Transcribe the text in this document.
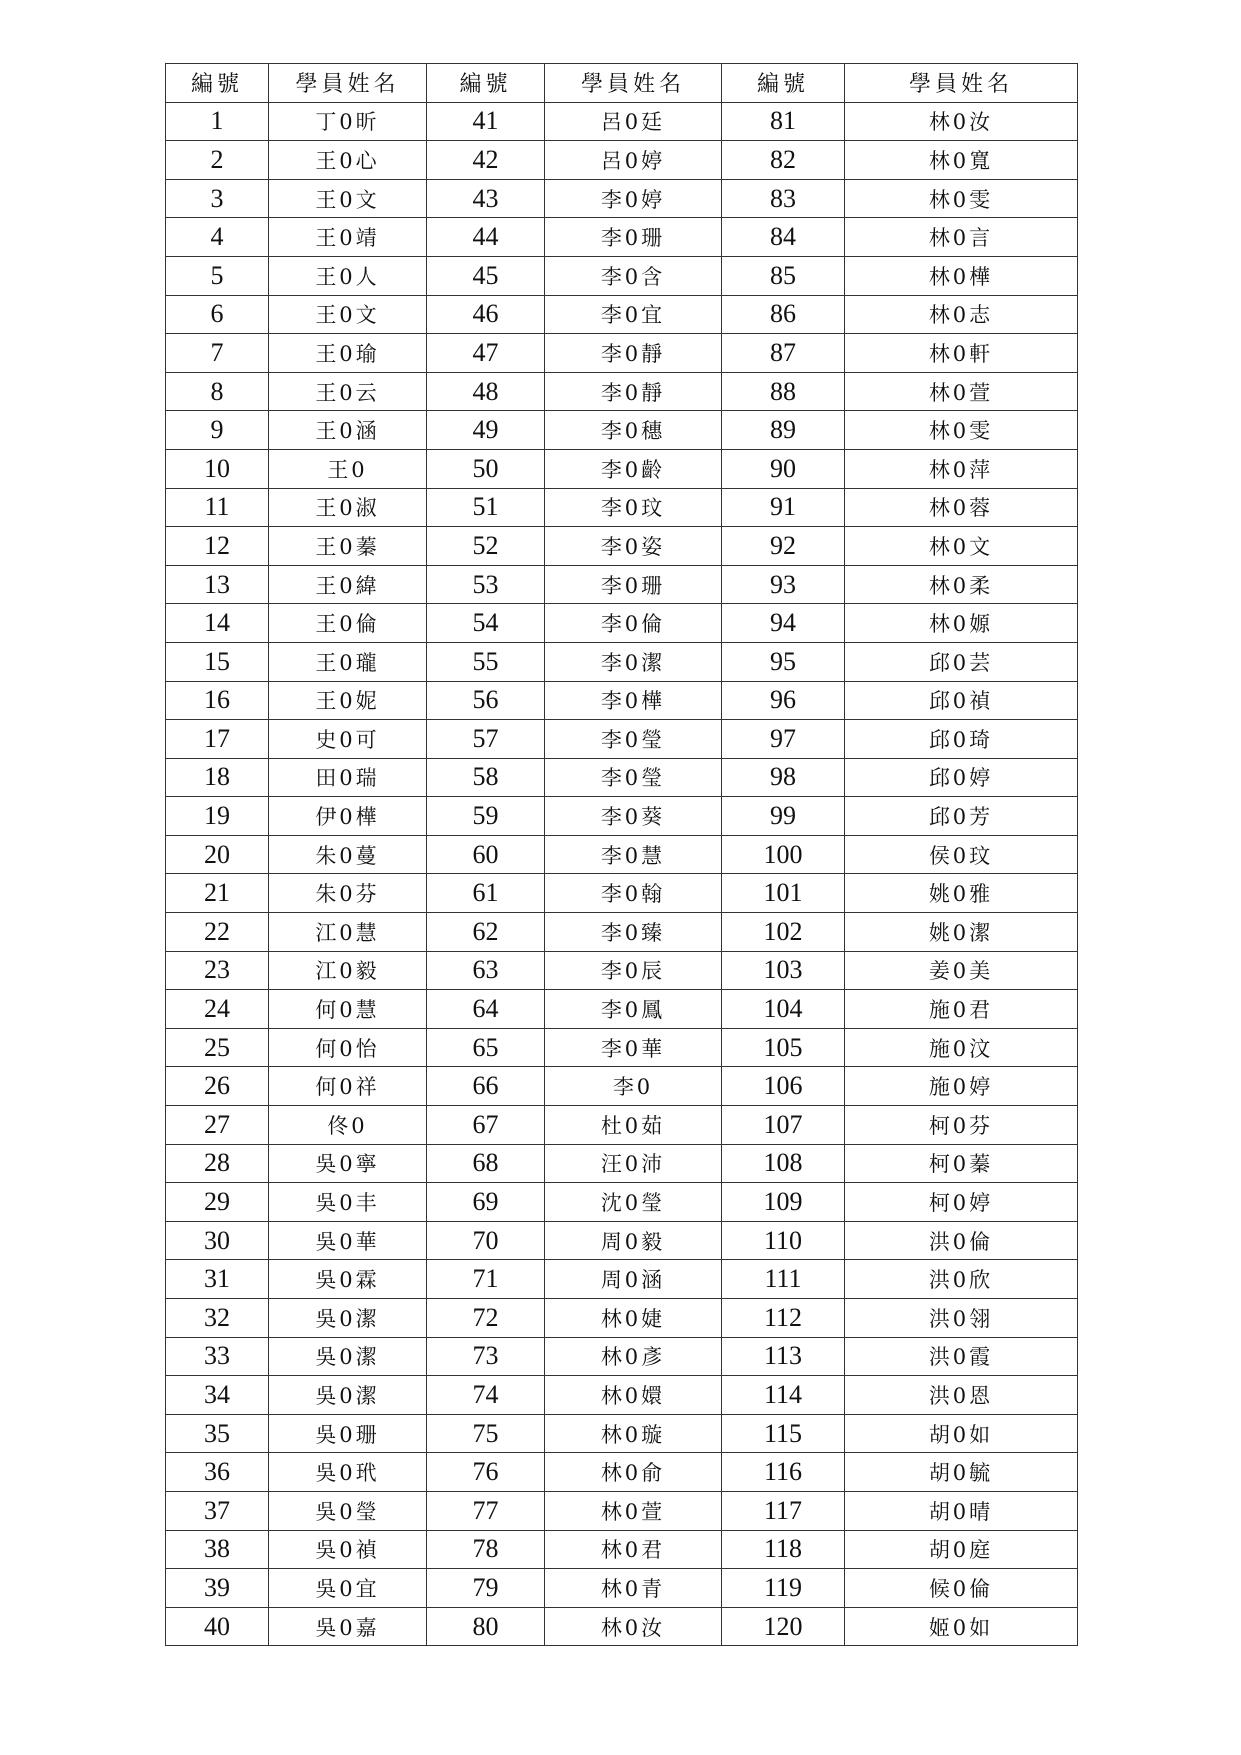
編號	學員姓名	編號	學員姓名	編號	學員姓名
1	丁0昕	41	呂0廷	81	林0汝
2	王0心	42	呂0婷	82	林0寬
3	王0文	43	李0婷	83	林0雯
4	王0靖	44	李0珊	84	林0言
5	王0人	45	李0含	85	林0樺
6	王0文	46	李0宜	86	林0志
7	王0瑜	47	李0靜	87	林0軒
8	王0云	48	李0靜	88	林0萱
9	王0涵	49	李0穗	89	林0雯
10	王0	50	李0齡	90	林0萍
11	王0淑	51	李0玟	91	林0蓉
12	王0蓁	52	李0姿	92	林0文
13	王0緯	53	李0珊	93	林0柔
14	王0倫	54	李0倫	94	林0嫄
15	王0瓏	55	李0潔	95	邱0芸
16	王0妮	56	李0樺	96	邱0禎
17	史0可	57	李0瑩	97	邱0琦
18	田0瑞	58	李0瑩	98	邱0婷
19	伊0樺	59	李0葵	99	邱0芳
20	朱0蔓	60	李0慧	100	侯0玟
21	朱0芬	61	李0翰	101	姚0雅
22	江0慧	62	李0臻	102	姚0潔
23	江0毅	63	李0辰	103	姜0美
24	何0慧	64	李0鳳	104	施0君
25	何0怡	65	李0華	105	施0汶
26	何0祥	66	李0	106	施0婷
27	佟0	67	杜0茹	107	柯0芬
28	吳0寧	68	汪0沛	108	柯0蓁
29	吳0丰	69	沈0瑩	109	柯0婷
30	吳0華	70	周0毅	110	洪0倫
31	吳0霖	71	周0涵	111	洪0欣
32	吳0潔	72	林0婕	112	洪0翎
33	吳0潔	73	林0彥	113	洪0霞
34	吳0潔	74	林0嬛	114	洪0恩
35	吳0珊	75	林0璇	115	胡0如
36	吳0玳	76	林0俞	116	胡0毓
37	吳0瑩	77	林0萱	117	胡0晴
38	吳0禎	78	林0君	118	胡0庭
39	吳0宜	79	林0青	119	候0倫
40	吳0嘉	80	林0汝	120	姬0如
